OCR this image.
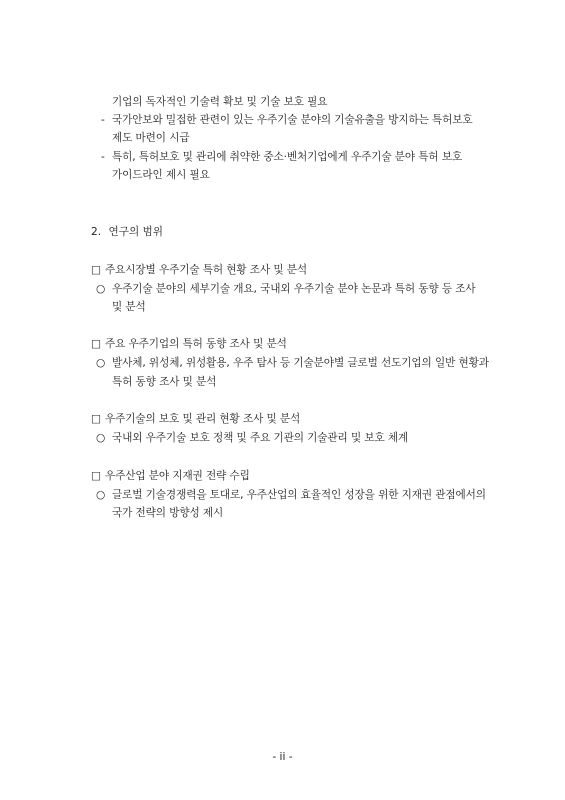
기업의 독자적인 기술력 확보 및 기술 보호 필요
- 국가안보와 밀접한 관련이 있는 우주기술 분야의 기술유출을 방지하는 특허보호
제도 마련이 시급
- 특히, 특허보호 및 관리에 취약한 중소·벤처기업에게 우주기술 분야 특허 보호
가이드라인 제시 필요
2. 연구의 범위
□ 주요시장별 우주기술 특허 현황 조사 및 분석
○ 우주기술 분야의 세부기술 개요, 국내외 우주기술 분야 논문과 특허 동향 등 조사
및 분석
□ 주요 우주기업의 특허 동향 조사 및 분석
○ 발사체, 위성체, 위성활용, 우주 탐사 등 기술분야별 글로벌 선도기업의 일반 현황과
특허 동향 조사 및 분석
□ 우주기술의 보호 및 관리 현황 조사 및 분석
○ 국내외 우주기술 보호 정책 및 주요 기관의 기술관리 및 보호 체계
□ 우주산업 분야 지재권 전략 수립
○ 글로벌 기술경쟁력을 토대로, 우주산업의 효율적인 성장을 위한 지재권 관점에서의
국가 전략의 방향성 제시
- ii -
